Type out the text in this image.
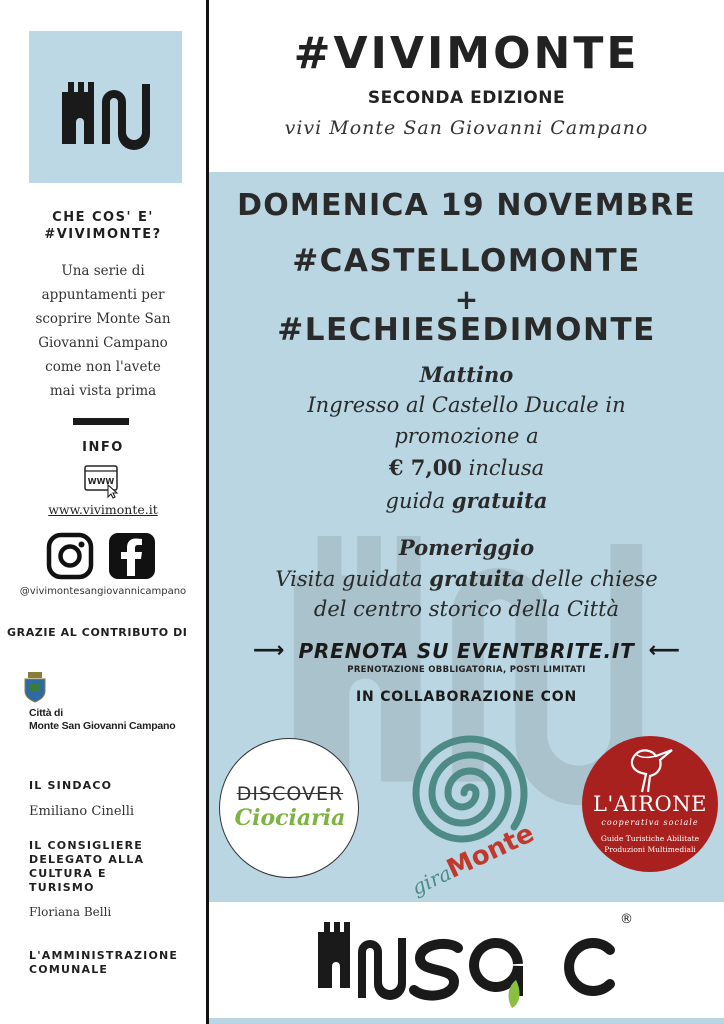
CHE COS' E'
#VIVIMONTE?
Una serie di
appuntamenti per
scoprire Monte San
Giovanni Campano
come non l'avete
mai vista prima
INFO
WWW
www.vivimonte.it
@vivimontesangiovannicampano
GRAZIE AL CONTRIBUTO DI
Città di
Monte San Giovanni Campano
IL SINDACO
Emiliano Cinelli
IL CONSIGLIERE
DELEGATO ALLA
CULTURA E
TURISMO
Floriana Belli
L'AMMINISTRAZIONE
COMUNALE
#VIVIMONTE
SECONDA EDIZIONE
vivi Monte San Giovanni Campano
DOMENICA 19 NOVEMBRE
#CASTELLOMONTE
+
#LECHIESEDIMONTE
Mattino
Ingresso al Castello Ducale in
promozione a
€ 7,00 inclusa
guida gratuita
Pomeriggio
Visita guidata gratuita delle chiese
del centro storico della Città
⟶ PRENOTA SU EVENTBRITE.IT ⟵
PRENOTAZIONE OBBLIGATORIA, POSTI LIMITATI
IN COLLABORAZIONE CON
DISCOVER
Ciociaria
gira
Monte
L'AIRONE
cooperativa sociale
Guide Turistiche Abilitate
Produzioni Multimediali
®
